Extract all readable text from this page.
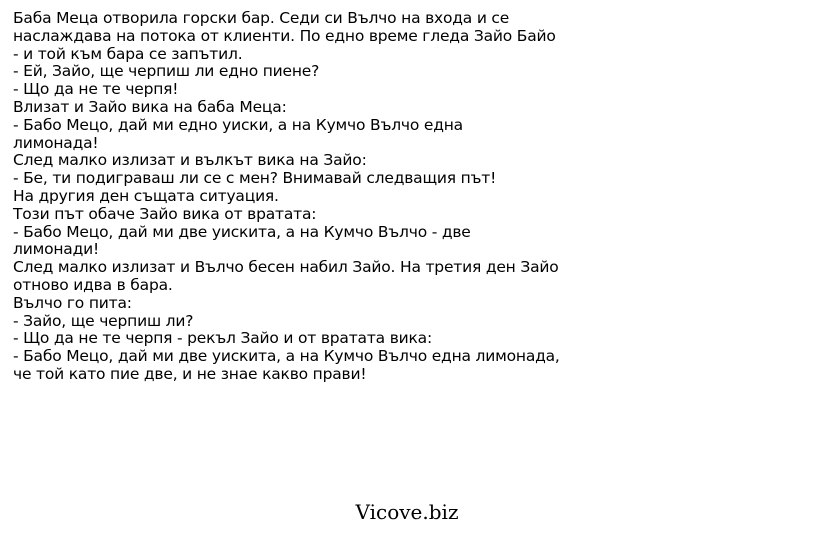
Баба Меца отворила горски бар. Седи си Вълчо на входа и се
наслаждава на потока от клиенти. По едно време гледа Зайо Байо
- и той към бара се запътил.
- Ей, Зайо, ще черпиш ли едно пиене?
- Що да не те черпя!
Влизат и Зайо вика на баба Меца:
- Бабо Мецо, дай ми едно уиски, а на Кумчо Вълчо една
лимонада!
След малко излизат и вълкът вика на Зайо:
- Бе, ти подиграваш ли се с мен? Внимавай следващия път!
На другия ден същата ситуация.
Този път обаче Зайо вика от вратата:
- Бабо Мецо, дай ми две уискита, а на Кумчо Вълчо - две
лимонади!
След малко излизат и Вълчо бесен набил Зайо. На третия ден Зайо
отново идва в бара.
Вълчо го пита:
- Зайо, ще черпиш ли?
- Що да не те черпя - рекъл Зайо и от вратата вика:
- Бабо Мецо, дай ми две уискита, а на Кумчо Вълчо една лимонада,
че той като пие две, и не знае какво прави!
Vicove.biz
